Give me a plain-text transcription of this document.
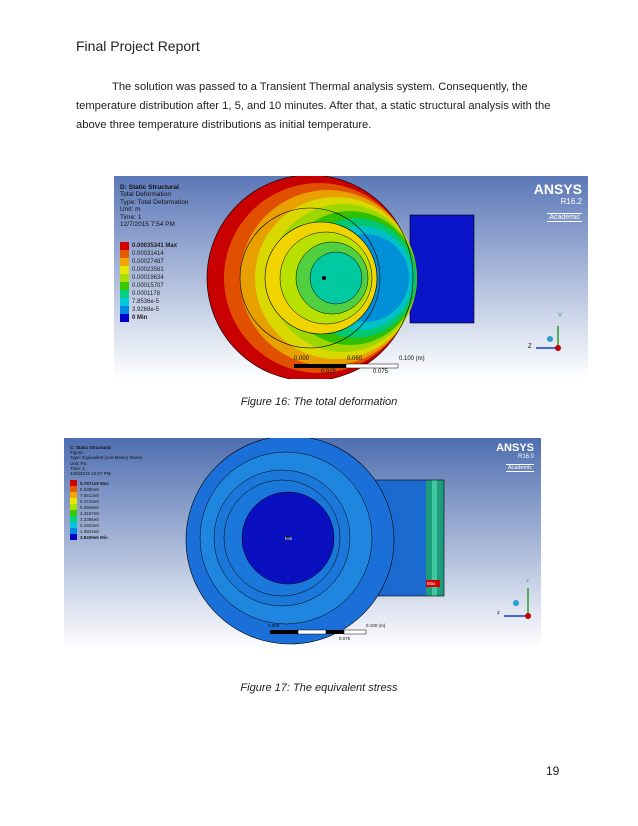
Final Project Report
The solution was passed to a Transient Thermal analysis system. Consequently, the temperature distribution after 1, 5, and 10 minutes. After that, a static structural analysis with the above three temperature distributions as initial temperature.
D: Static Structural
Total Deformation
Type: Total Deformation
Unit: m
Time: 1
12/7/2015 7:54 PM
0.00035341 Max
0.00031414
0.00027487
0.00023561
0.00019634
0.00015707
0.0001178
7.8536e-5
3.9268e-5
0 Min
ANSYS
R16.2
Academic
0.000	0.050	0.100 (m)
0.025	0.075
Y
Z
Figure 16: The total deformation
C: Static Structural
Figure
Type: Equivalent (von-Mises) Stress
Unit: Pa
Time: 1
12/5/2015 12:57 PM
9.7871e8 Max
8.6395e8
7.5512e8
6.4716e8
5.3948e8
4.3167e8
3.2385e8
2.1603e8
1.0821e8
3.8409e5 Min
ANSYS
R16.0
Academic
Min
Max
0.000	0.100 (m)
0.075
Y
Z
Figure 17: The equivalent stress
19
